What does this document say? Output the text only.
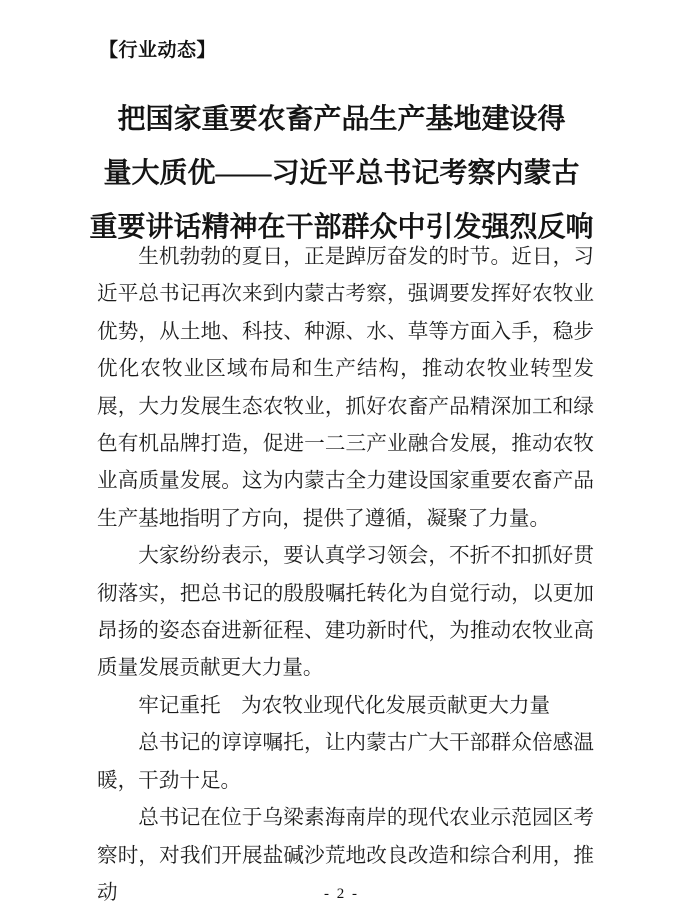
【行业动态】
把国家重要农畜产品生产基地建设得
量大质优——习近平总书记考察内蒙古
重要讲话精神在干部群众中引发强烈反响

生机勃勃的夏日，正是踔厉奋发的时节。近日，习近平总书记再次来到内蒙古考察，强调要发挥好农牧业优势，从土地、科技、种源、水、草等方面入手，稳步优化农牧业区域布局和生产结构，推动农牧业转型发展，大力发展生态农牧业，抓好农畜产品精深加工和绿色有机品牌打造，促进一二三产业融合发展，推动农牧业高质量发展。这为内蒙古全力建设国家重要农畜产品生产基地指明了方向，提供了遵循，凝聚了力量。

大家纷纷表示，要认真学习领会，不折不扣抓好贯彻落实，把总书记的殷殷嘱托转化为自觉行动，以更加昂扬的姿态奋进新征程、建功新时代，为推动农牧业高质量发展贡献更大力量。

牢记重托　为农牧业现代化发展贡献更大力量

总书记的谆谆嘱托，让内蒙古广大干部群众倍感温暖，干劲十足。

总书记在位于乌梁素海南岸的现代农业示范园区考察时，对我们开展盐碱沙荒地改良改造和综合利用，推动	- 2 -
